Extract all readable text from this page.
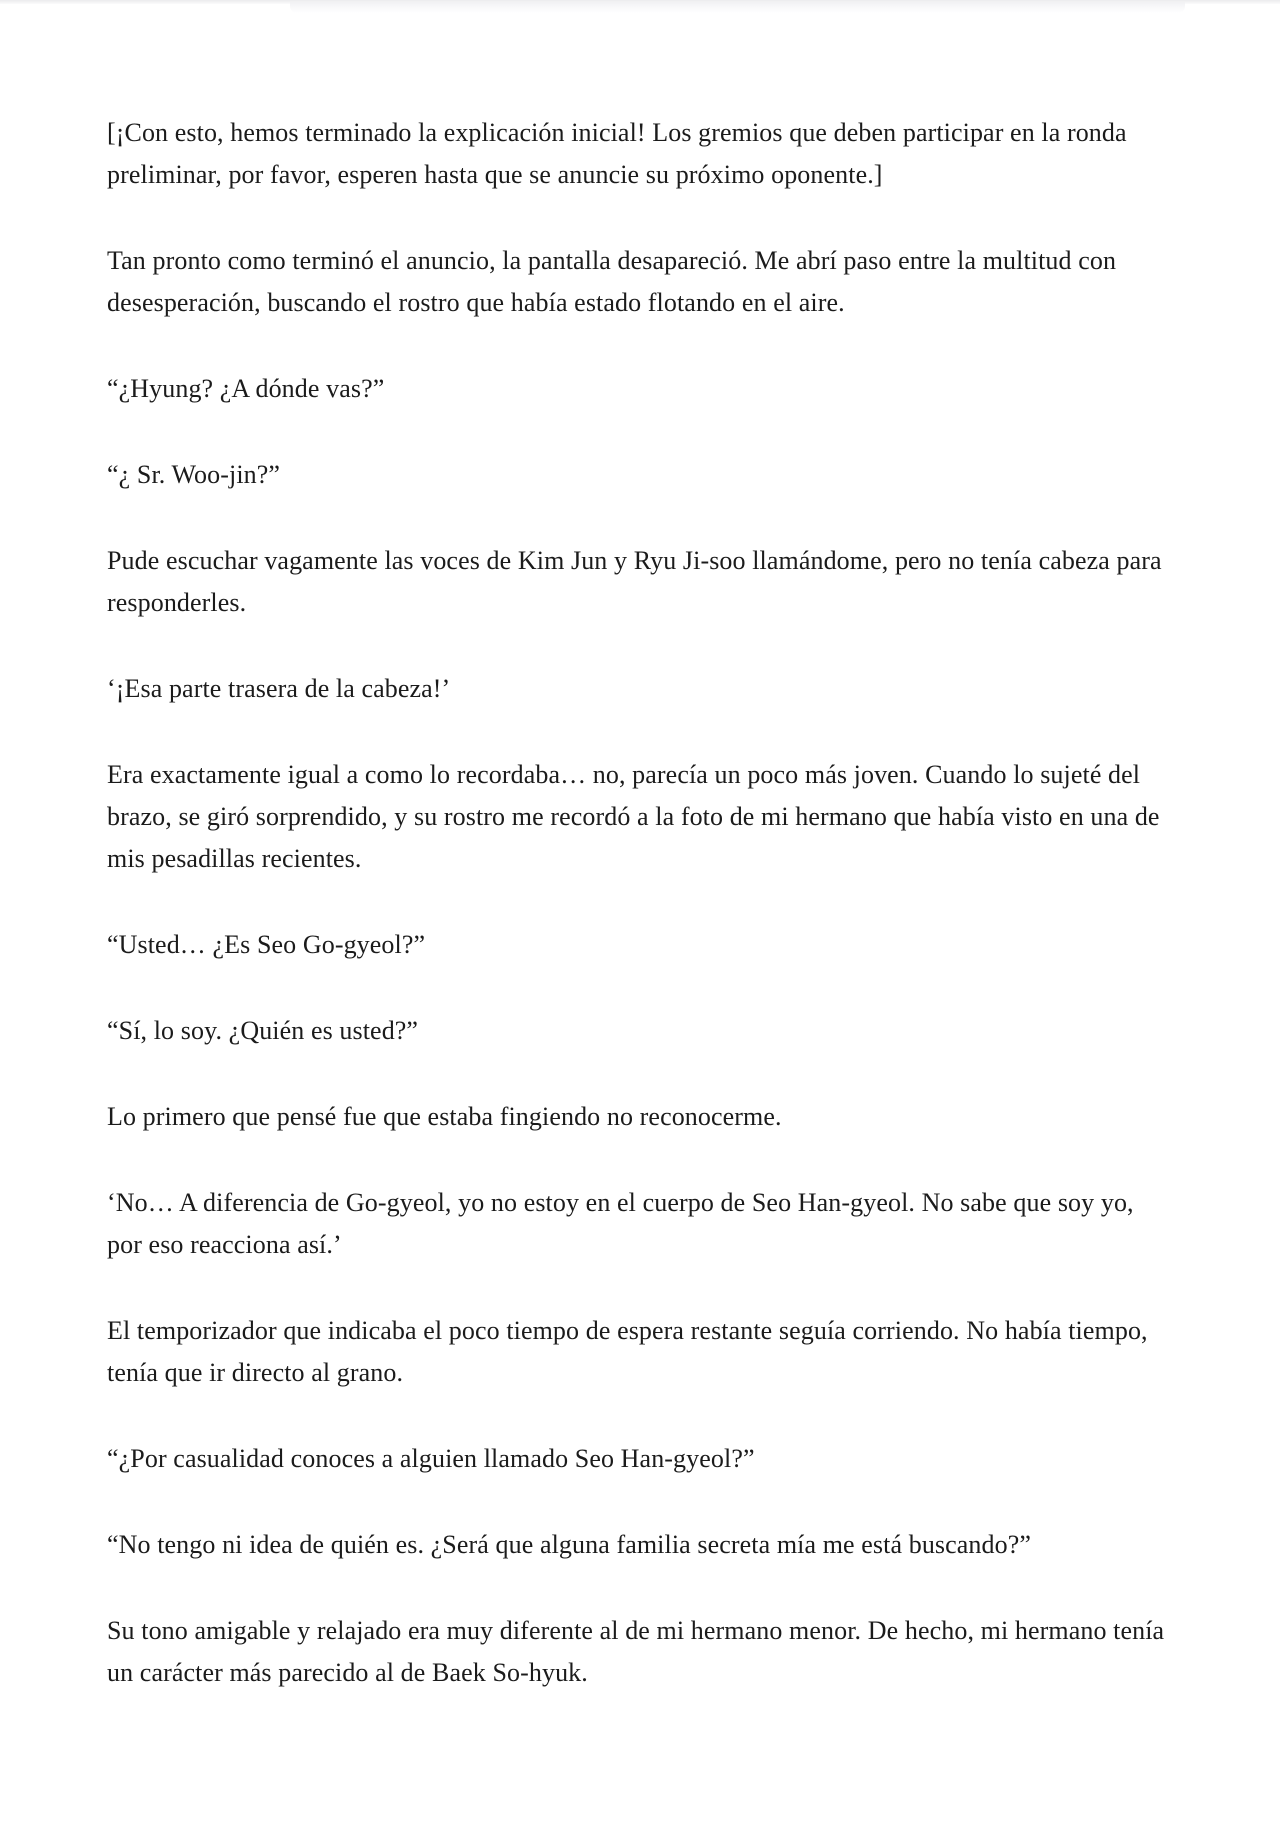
[¡Con esto, hemos terminado la explicación inicial! Los gremios que deben participar en la ronda preliminar, por favor, esperen hasta que se anuncie su próximo oponente.]

Tan pronto como terminó el anuncio, la pantalla desapareció. Me abrí paso entre la multitud con desesperación, buscando el rostro que había estado flotando en el aire.

“¿Hyung? ¿A dónde vas?”

“¿ Sr. Woo-jin?”

Pude escuchar vagamente las voces de Kim Jun y Ryu Ji-soo llamándome, pero no tenía cabeza para responderles.

‘¡Esa parte trasera de la cabeza!’

Era exactamente igual a como lo recordaba… no, parecía un poco más joven. Cuando lo sujeté del brazo, se giró sorprendido, y su rostro me recordó a la foto de mi hermano que había visto en una de mis pesadillas recientes.

“Usted… ¿Es Seo Go-gyeol?”

“Sí, lo soy. ¿Quién es usted?”

Lo primero que pensé fue que estaba fingiendo no reconocerme.

‘No… A diferencia de Go-gyeol, yo no estoy en el cuerpo de Seo Han-gyeol. No sabe que soy yo, por eso reacciona así.’

El temporizador que indicaba el poco tiempo de espera restante seguía corriendo. No había tiempo, tenía que ir directo al grano.

“¿Por casualidad conoces a alguien llamado Seo Han-gyeol?”

“No tengo ni idea de quién es. ¿Será que alguna familia secreta mía me está buscando?”

Su tono amigable y relajado era muy diferente al de mi hermano menor. De hecho, mi hermano tenía un carácter más parecido al de Baek So-hyuk.
